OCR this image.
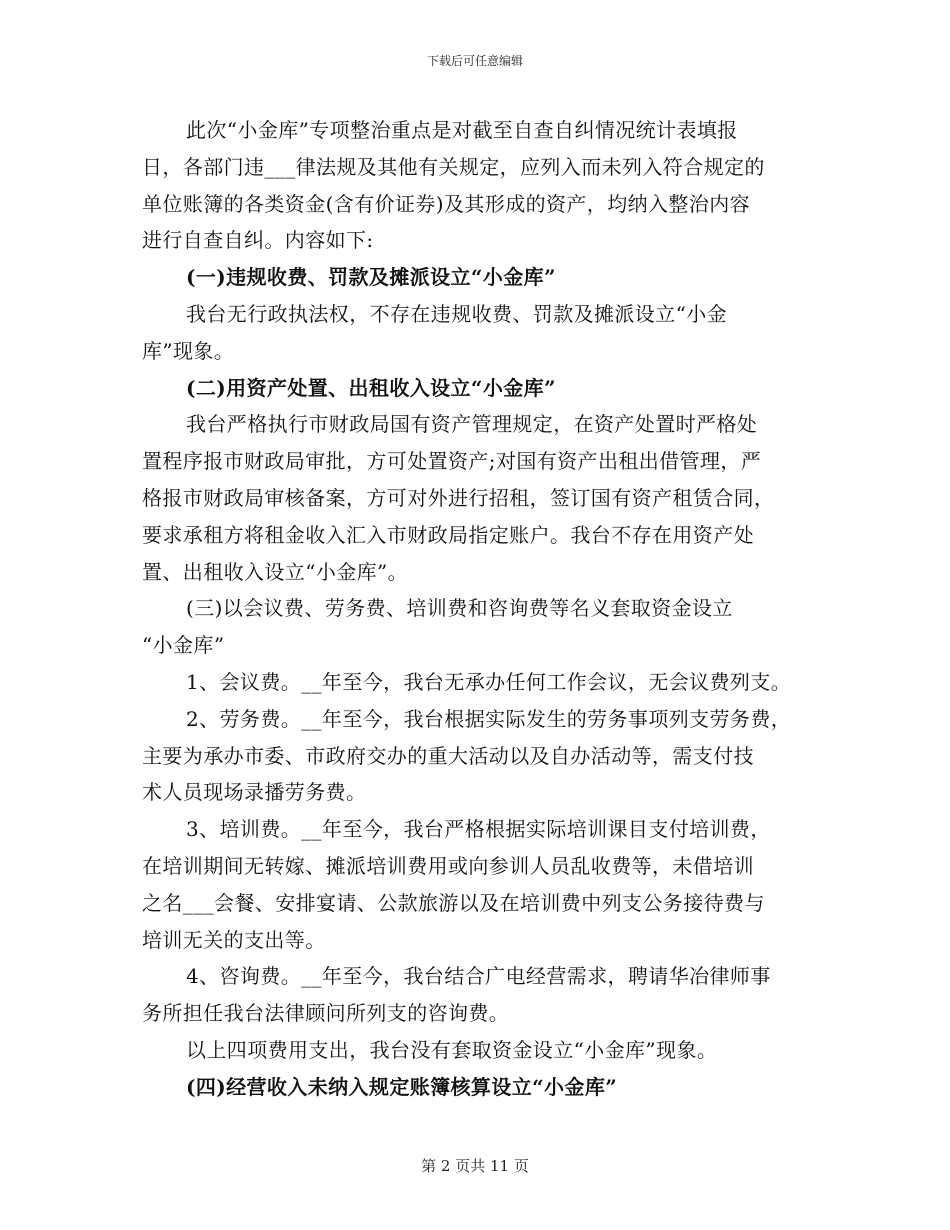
下载后可任意编辑

此次“小金库”专项整治重点是对截至自查自纠情况统计表填报

日，各部门违___律法规及其他有关规定，应列入而未列入符合规定的

单位账簿的各类资金(含有价证券)及其形成的资产，均纳入整治内容

进行自查自纠。内容如下:

(一)违规收费、罚款及摊派设立“小金库”

我台无行政执法权，不存在违规收费、罚款及摊派设立“小金

库”现象。

(二)用资产处置、出租收入设立“小金库”

我台严格执行市财政局国有资产管理规定，在资产处置时严格处

置程序报市财政局审批，方可处置资产;对国有资产出租出借管理，严

格报市财政局审核备案，方可对外进行招租，签订国有资产租赁合同，

要求承租方将租金收入汇入市财政局指定账户。我台不存在用资产处

置、出租收入设立“小金库”。

(三)以会议费、劳务费、培训费和咨询费等名义套取资金设立

“小金库”

1、会议费。__年至今，我台无承办任何工作会议，无会议费列支。

2、劳务费。__年至今，我台根据实际发生的劳务事项列支劳务费，

主要为承办市委、市政府交办的重大活动以及自办活动等，需支付技

术人员现场录播劳务费。

3、培训费。__年至今，我台严格根据实际培训课目支付培训费，

在培训期间无转嫁、摊派培训费用或向参训人员乱收费等，未借培训

之名___会餐、安排宴请、公款旅游以及在培训费中列支公务接待费与

培训无关的支出等。

4、咨询费。__年至今，我台结合广电经营需求，聘请华冶律师事

务所担任我台法律顾问所列支的咨询费。

以上四项费用支出，我台没有套取资金设立“小金库”现象。

(四)经营收入未纳入规定账簿核算设立“小金库”

第 2 页共 11 页
